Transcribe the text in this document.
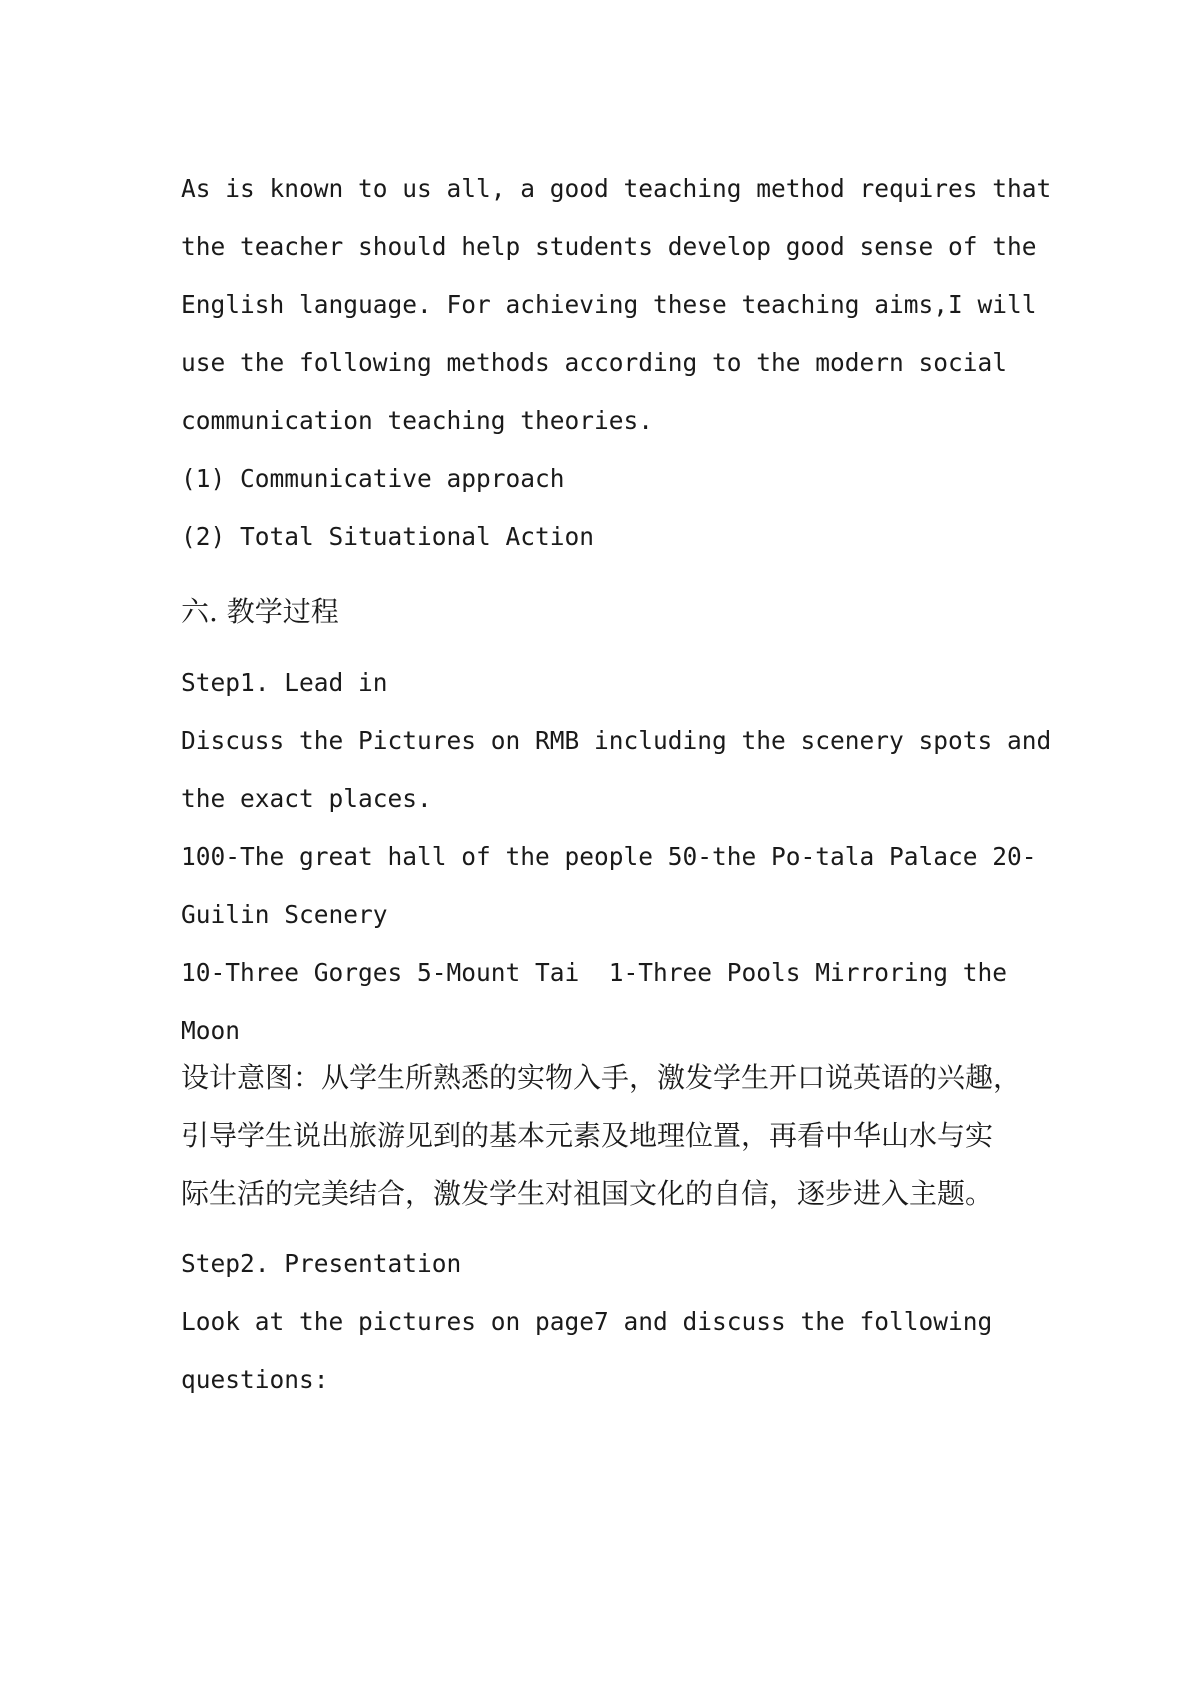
As is known to us all, a good teaching method requires that
the teacher should help students develop good sense of the
English language. For achieving these teaching aims,I will
use the following methods according to the modern social
communication teaching theories.
(1) Communicative approach
(2) Total Situational Action
六. 教学过程
Step1. Lead in
Discuss the Pictures on RMB including the scenery spots and
the exact places.
100-The great hall of the people 50-the Po-tala Palace 20-
Guilin Scenery
10-Three Gorges 5-Mount Tai  1-Three Pools Mirroring the
Moon
设计意图：从学生所熟悉的实物入手，激发学生开口说英语的兴趣，
引导学生说出旅游见到的基本元素及地理位置，再看中华山水与实
际生活的完美结合，激发学生对祖国文化的自信，逐步进入主题。
Step2. Presentation
Look at the pictures on page7 and discuss the following
questions:
